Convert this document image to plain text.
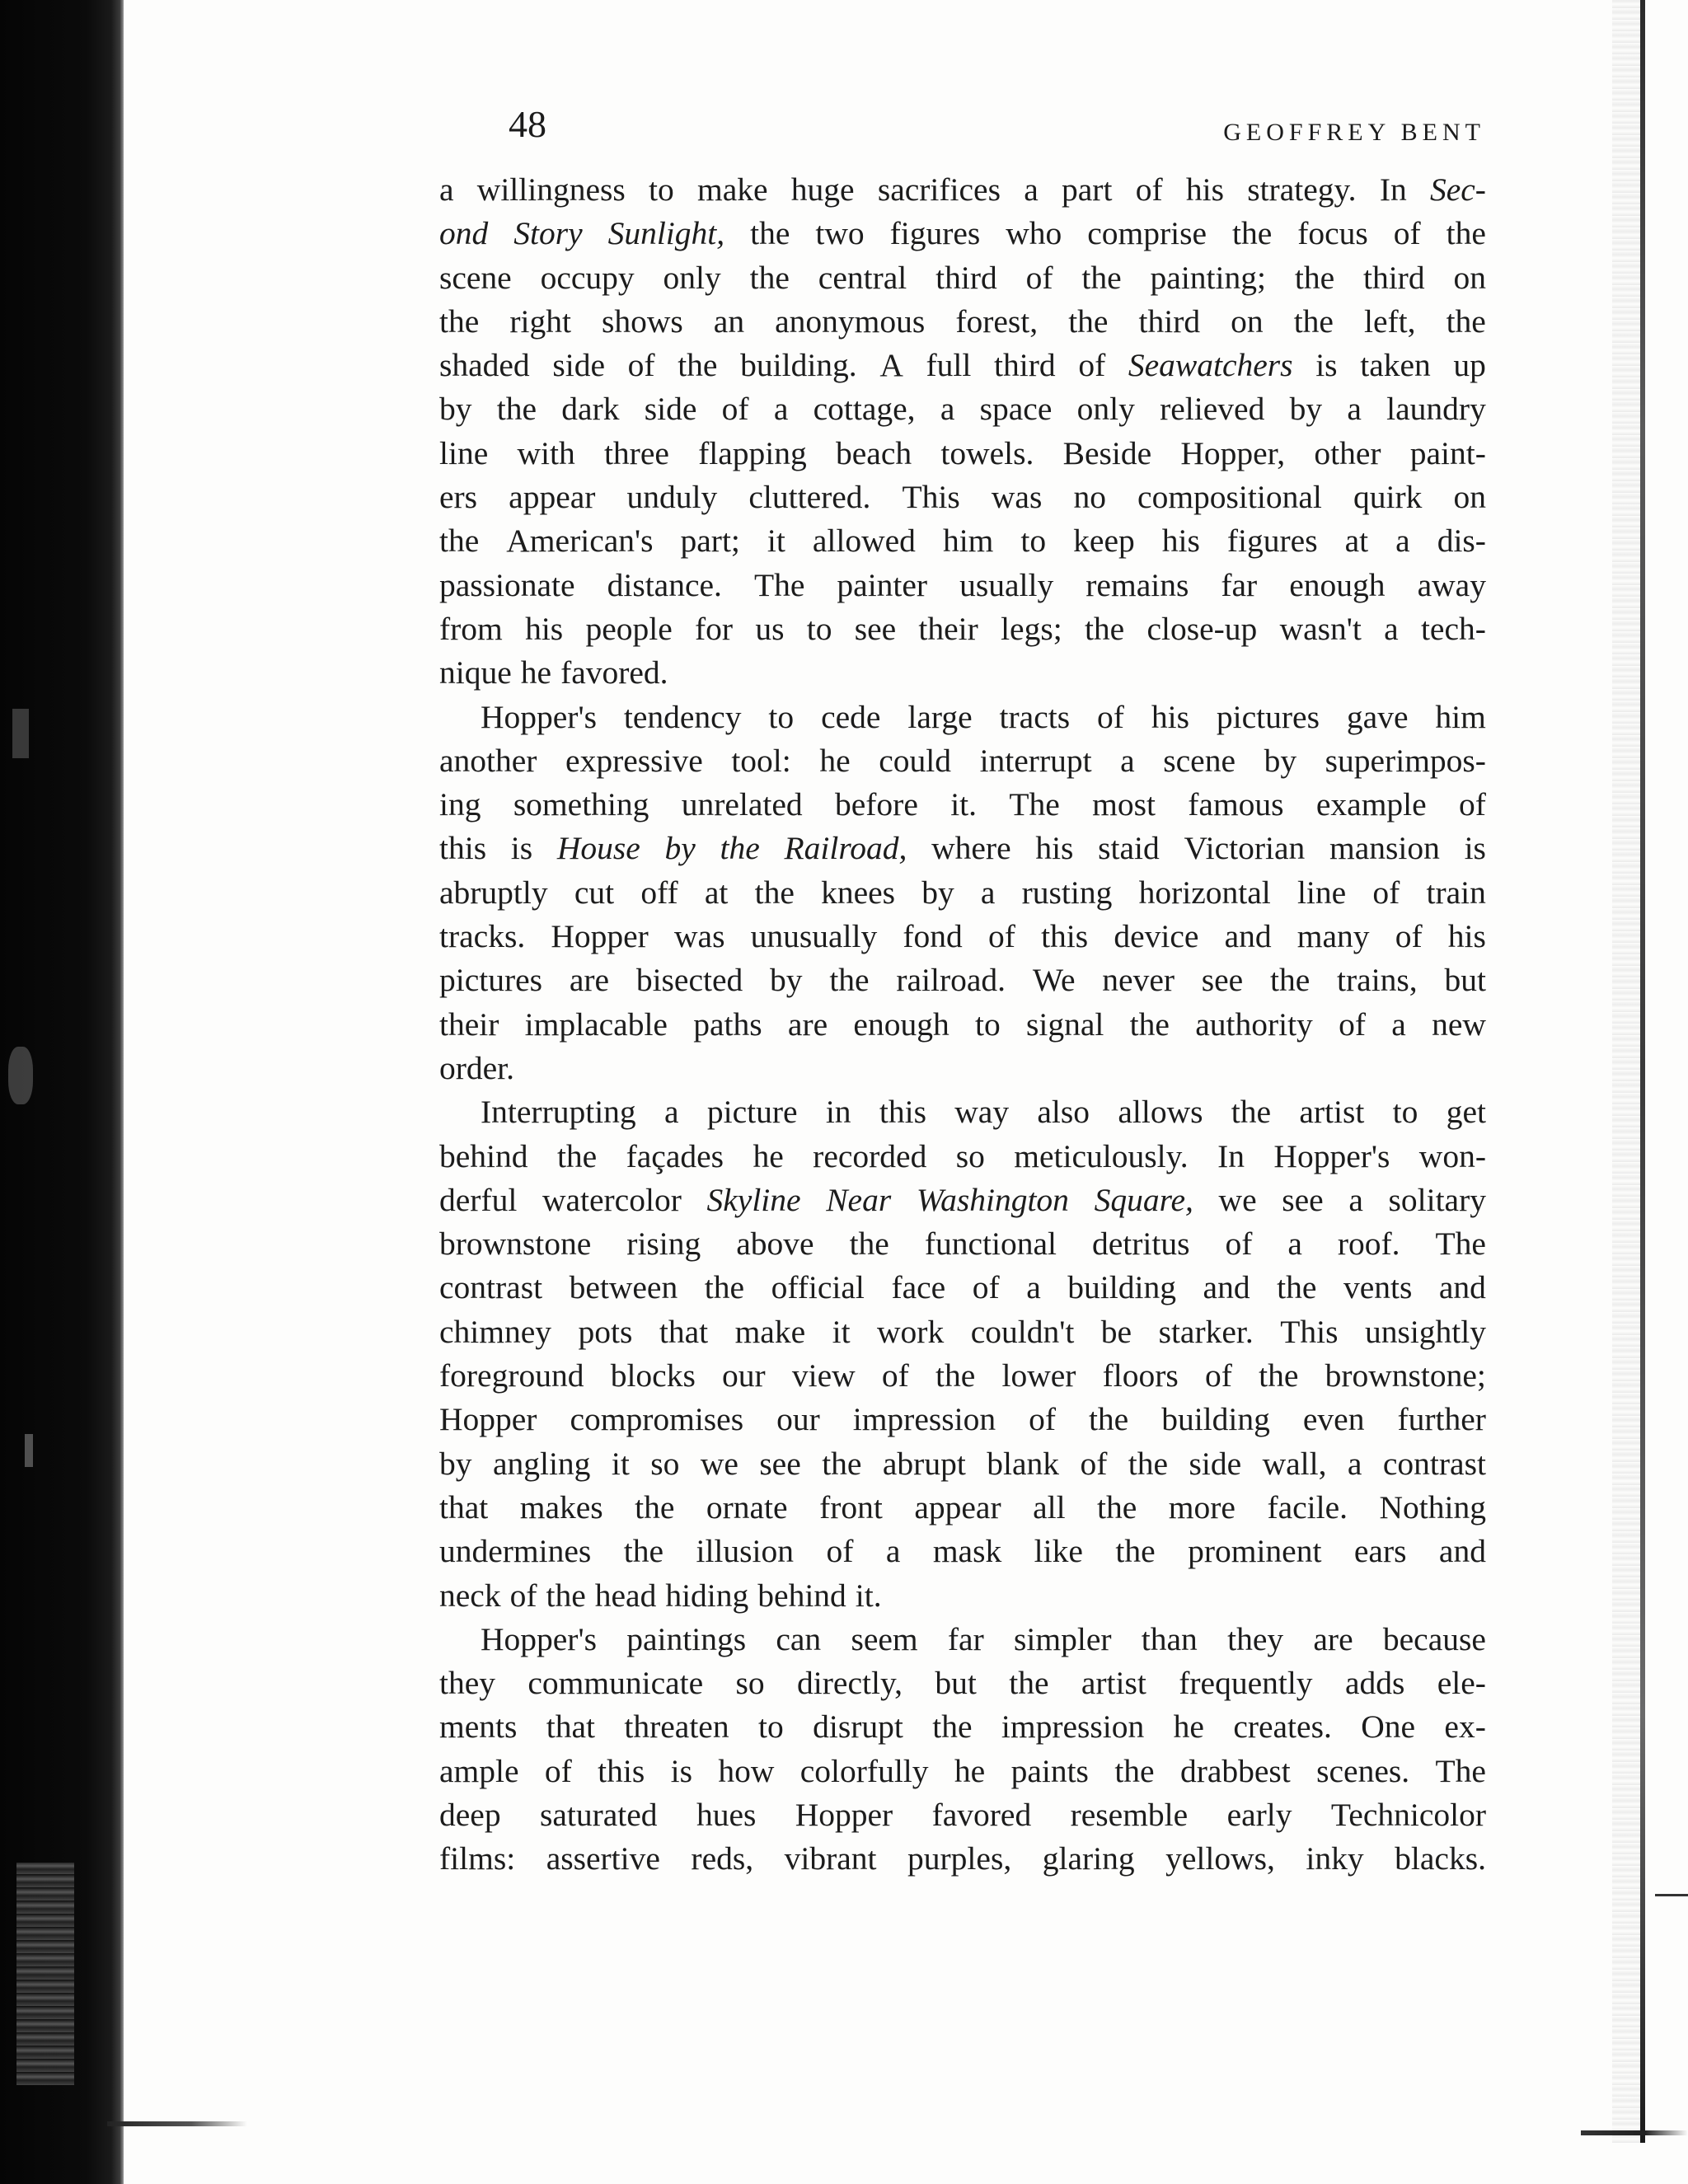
48	GEOFFREY BENT
a willingness to make huge sacrifices a part of his strategy. In Sec-
ond Story Sunlight, the two figures who comprise the focus of the
scene occupy only the central third of the painting; the third on
the right shows an anonymous forest, the third on the left, the
shaded side of the building. A full third of Seawatchers is taken up
by the dark side of a cottage, a space only relieved by a laundry
line with three flapping beach towels. Beside Hopper, other paint-
ers appear unduly cluttered. This was no compositional quirk on
the American's part; it allowed him to keep his figures at a dis-
passionate distance. The painter usually remains far enough away
from his people for us to see their legs; the close-up wasn't a tech-
nique he favored.
Hopper's tendency to cede large tracts of his pictures gave him
another expressive tool: he could interrupt a scene by superimpos-
ing something unrelated before it. The most famous example of
this is House by the Railroad, where his staid Victorian mansion is
abruptly cut off at the knees by a rusting horizontal line of train
tracks. Hopper was unusually fond of this device and many of his
pictures are bisected by the railroad. We never see the trains, but
their implacable paths are enough to signal the authority of a new
order.
Interrupting a picture in this way also allows the artist to get
behind the façades he recorded so meticulously. In Hopper's won-
derful watercolor Skyline Near Washington Square, we see a solitary
brownstone rising above the functional detritus of a roof. The
contrast between the official face of a building and the vents and
chimney pots that make it work couldn't be starker. This unsightly
foreground blocks our view of the lower floors of the brownstone;
Hopper compromises our impression of the building even further
by angling it so we see the abrupt blank of the side wall, a contrast
that makes the ornate front appear all the more facile. Nothing
undermines the illusion of a mask like the prominent ears and
neck of the head hiding behind it.
Hopper's paintings can seem far simpler than they are because
they communicate so directly, but the artist frequently adds ele-
ments that threaten to disrupt the impression he creates. One ex-
ample of this is how colorfully he paints the drabbest scenes. The
deep saturated hues Hopper favored resemble early Technicolor
films: assertive reds, vibrant purples, glaring yellows, inky blacks.
